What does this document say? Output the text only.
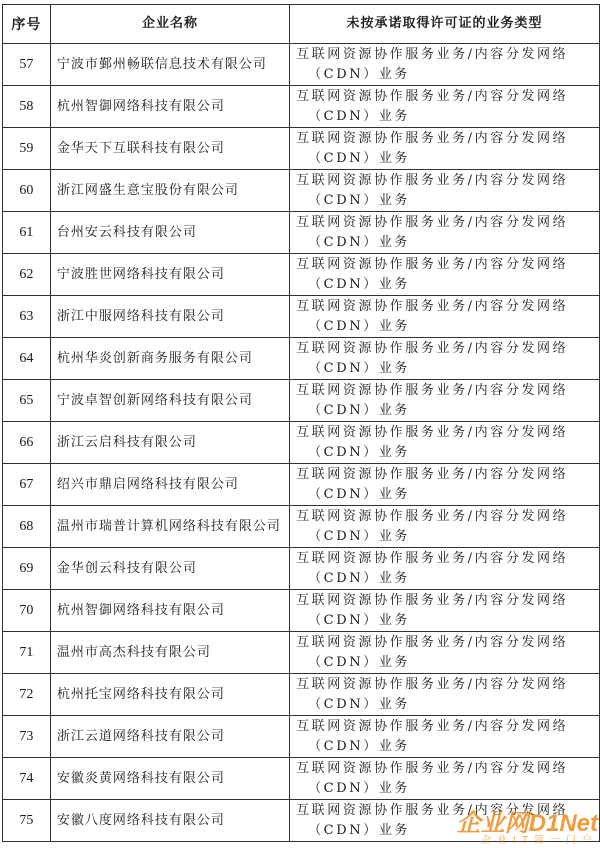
序号	企业名称	未按承诺取得许可证的业务类型
57	宁波市鄞州畅联信息技术有限公司	互联网资源协作服务业务/内容分发网络
（CDN）业务

58	杭州智御网络科技有限公司	互联网资源协作服务业务/内容分发网络
（CDN）业务

59	金华天下互联科技有限公司	互联网资源协作服务业务/内容分发网络
（CDN）业务

60	浙江网盛生意宝股份有限公司	互联网资源协作服务业务/内容分发网络
（CDN）业务

61	台州安云科技有限公司	互联网资源协作服务业务/内容分发网络
（CDN）业务

62	宁波胜世网络科技有限公司	互联网资源协作服务业务/内容分发网络
（CDN）业务

63	浙江中服网络科技有限公司	互联网资源协作服务业务/内容分发网络
（CDN）业务

64	杭州华炎创新商务服务有限公司	互联网资源协作服务业务/内容分发网络
（CDN）业务

65	宁波卓智创新网络科技有限公司	互联网资源协作服务业务/内容分发网络
（CDN）业务

66	浙江云启科技有限公司	互联网资源协作服务业务/内容分发网络
（CDN）业务

67	绍兴市鼎启网络科技有限公司	互联网资源协作服务业务/内容分发网络
（CDN）业务

68	温州市瑞普计算机网络科技有限公司	互联网资源协作服务业务/内容分发网络
（CDN）业务

69	金华创云科技有限公司	互联网资源协作服务业务/内容分发网络
（CDN）业务

70	杭州智御网络科技有限公司	互联网资源协作服务业务/内容分发网络
（CDN）业务

71	温州市高杰科技有限公司	互联网资源协作服务业务/内容分发网络
（CDN）业务

72	杭州托宝网络科技有限公司	互联网资源协作服务业务/内容分发网络
（CDN）业务

73	浙江云道网络科技有限公司	互联网资源协作服务业务/内容分发网络
（CDN）业务

74	安徽炎黄网络科技有限公司	互联网资源协作服务业务/内容分发网络
（CDN）业务

75	安徽八度网络科技有限公司	互联网资源协作服务业务/内容分发网络
（CDN）业务	企业网D1Net
企业IT第一门户
